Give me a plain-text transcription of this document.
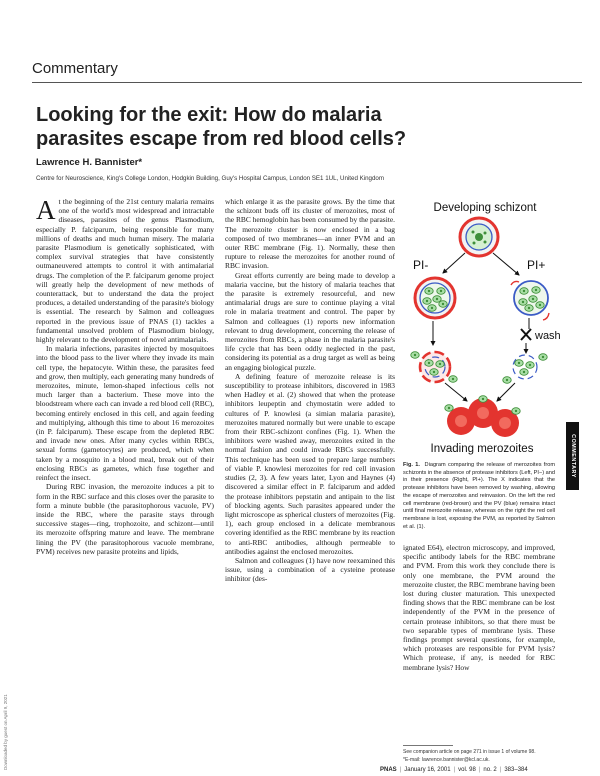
Commentary
Looking for the exit: How do malaria parasites escape from red blood cells?
Lawrence H. Bannister*
Centre for Neuroscience, King's College London, Hodgkin Building, Guy's Hospital Campus, London SE1 1UL, United Kingdom

At the beginning of the 21st century malaria remains one of the world's most widespread and intractable diseases, parasites of the genus Plasmodium, especially P. falciparum, being responsible for many millions of deaths and much human misery. The malaria parasite Plasmodium is genetically sophisticated, with complex survival strategies that have consistently outmaneuvered attempts to control it with antimalarial drugs. The completion of the P. falciparum genome project will greatly help the development of new methods of counterattack, but to understand the data the project produces, a detailed understanding of the parasite's biology is essential. The research by Salmon and colleagues reported in the previous issue of PNAS (1) tackles a fundamental unsolved problem of Plasmodium biology, highly relevant to the development of novel antimalarials.

In malaria infections, parasites injected by mosquitoes into the blood pass to the liver where they invade its main cell type, the hepatocyte. Within these, the parasites feed and grow, then multiply, each generating many hundreds of merozoites, minute, lemon-shaped infectious cells not much larger than a bacterium. These move into the bloodstream where each can invade a red blood cell (RBC), becoming entirely enclosed in this cell, and again feeding and multiplying, although this time to about 16 merozoites (in P. falciparum). These escape from the depleted RBC and invade new ones. After many cycles within RBCs, sexual forms (gametocytes) are produced, which when taken by a mosquito in a blood meal, break out of their enclosing RBCs as gametes, which fuse together and reinfect the insect.

During RBC invasion, the merozoite induces a pit to form in the RBC surface and this closes over the parasite to form a minute bubble (the parasitophorous vacuole, PV) inside the RBC, where the parasite stays through successive stages—ring, trophozoite, and schizont—until its merozoite offspring mature and leave. The membrane lining the PV (the parasitophorous vacuole membrane, PVM) receives new parasite proteins and lipids,

which enlarge it as the parasite grows. By the time that the schizont buds off its cluster of merozoites, most of the RBC hemoglobin has been consumed by the parasite. The merozoite cluster is now enclosed in a bag composed of two membranes—an inner PVM and an outer RBC membrane (Fig. 1). Normally, these then rupture to release the merozoites for another round of RBC invasion.

Great efforts currently are being made to develop a malaria vaccine, but the history of malaria teaches that the parasite is extremely resourceful, and new antimalarial drugs are sure to continue playing a vital role in malaria treatment and control. The paper by Salmon and colleagues (1) reports new information relevant to drug development, concerning the release of merozoites from RBCs, a phase in the malaria parasite's life cycle that has been oddly neglected in the past, considering its potential as a drug target as well as being an engaging biological puzzle.

A defining feature of merozoite release is its susceptibility to protease inhibitors, discovered in 1983 when Hadley et al. (2) showed that when the protease inhibitors leupeptin and chymostatin were added to cultures of P. knowlesi (a simian malaria parasite), merozoites matured normally but were unable to escape from their RBC-schizont confines (Fig. 1). When the inhibitors were washed away, merozoites exited in the normal fashion and could invade RBCs successfully. This technique has been used to prepare large numbers of viable P. knowlesi merozoites for red cell invasion studies (2, 3). A few years later, Lyon and Haynes (4) discovered a similar effect in P. falciparum and added the protease inhibitors pepstatin and antipain to the list of blocking agents. Such parasites appeared under the light microscope as spherical clusters of merozoites (Fig. 1), each group enclosed in a delicate membranous covering identified as the RBC membrane by its reaction to anti-RBC antibodies, although permeable to antibodies against the enclosed merozoites.

Salmon and colleagues (1) have now reexamined this issue, using a combination of a cysteine protease inhibitor (des-

Developing schizont
PI-	PI+
wash
Invading merozoites
Fig. 1. Diagram comparing the release of merozoites from schizonts in the absence of protease inhibitors (Left, PI−) and in their presence (Right, PI+). The X indicates that the protease inhibitors have been removed by washing, allowing the escape of merozoites and reinvasion. On the left the red cell membrane (red-brown) and the PV (blue) remains intact until final merozoite release, whereas on the right the red cell membrane is lost, exposing the PVM, as reported by Salmon et al. (1).
COMMENTARY

ignated E64), electron microscopy, and improved, specific antibody labels for the RBC membrane and PVM. From this work they conclude there is only one membrane, the PVM around the merozoite cluster, the RBC membrane having been lost during cluster maturation. This unexpected finding shows that the RBC membrane can be lost independently of the PVM in the presence of certain protease inhibitors, so that there must be two separable types of membrane lysis. These findings prompt several questions, for example, which proteases are responsible for PVM lysis? Which protease, if any, is needed for RBC membrane lysis? How

See companion article on page 271 in issue 1 of volume 98.
*E-mail: lawrence.bannister@kcl.ac.uk.
PNAS | January 16, 2001 | vol. 98 | no. 2 | 383–384
Downloaded by guest on April 9, 2021
